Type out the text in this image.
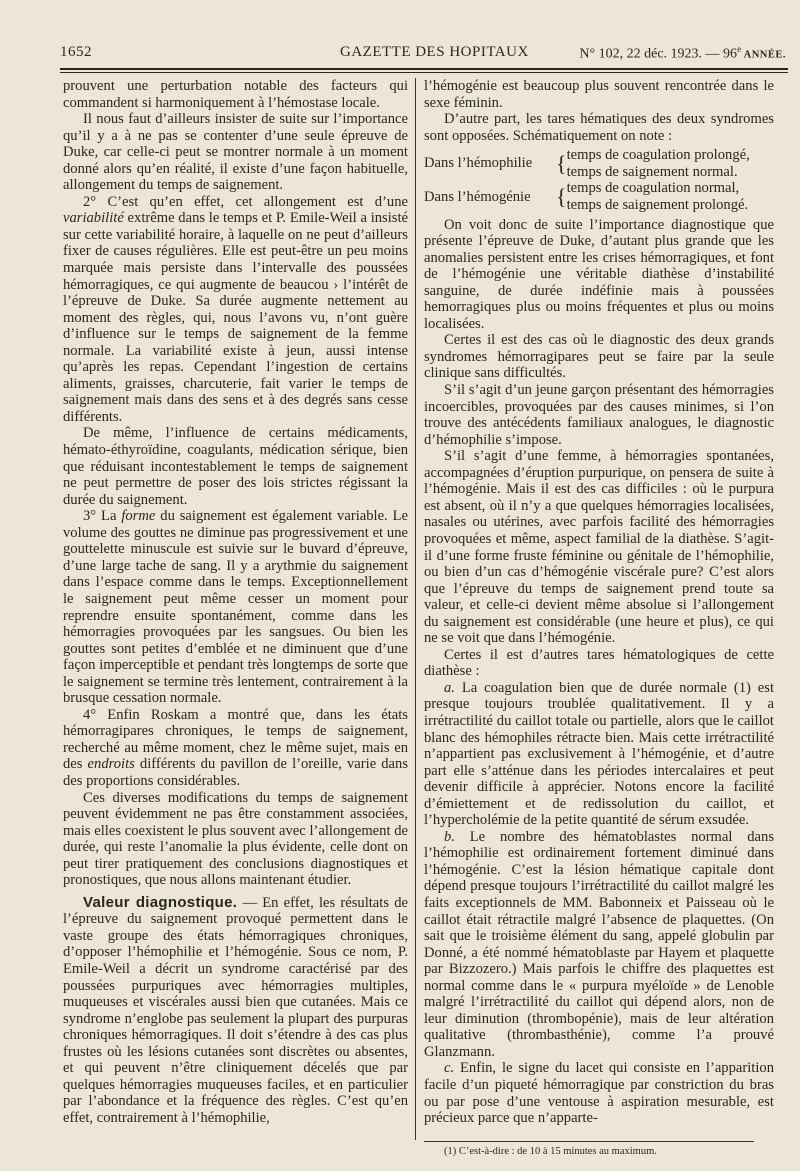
1652	GAZETTE DES HOPITAUX	N° 102, 22 déc. 1923. — 96e ANNÉE.

prouvent une perturbation notable des facteurs qui commandent si harmoniquement à l’hémostase locale.

Il nous faut d’ailleurs insister de suite sur l’importance qu’il y a à ne pas se contenter d’une seule épreuve de Duke, car celle-ci peut se montrer normale à un moment donné alors qu’en réalité, il existe d’une façon habituelle, allongement du temps de saignement.

2° C’est qu’en effet, cet allongement est d’une variabilité extrême dans le temps et P. Emile-Weil a insisté sur cette variabilité horaire, à laquelle on ne peut d’ailleurs fixer de causes régulières. Elle est peut-être un peu moins marquée mais persiste dans l’intervalle des poussées hémorragiques, ce qui augmente de beaucou › l’intérêt de l’épreuve de Duke. Sa durée augmente nettement au moment des règles, qui, nous l’avons vu, n’ont guère d’influence sur le temps de saignement de la femme normale. La variabilité existe à jeun, aussi intense qu’après les repas. Cependant l’ingestion de certains aliments, graisses, charcuterie, fait varier le temps de saignement mais dans des sens et à des degrés sans cesse différents.

De même, l’influence de certains médicaments, hémato-éthyroïdine, coagulants, médication sérique, bien que réduisant incontestablement le temps de saignement ne peut permettre de poser des lois strictes régissant la durée du saignement.

3° La forme du saignement est également variable. Le volume des gouttes ne diminue pas progressivement et une gouttelette minuscule est suivie sur le buvard d’épreuve, d’une large tache de sang. Il y a arythmie du saignement dans l’espace comme dans le temps. Exceptionnellement le saignement peut même cesser un moment pour reprendre ensuite spontanément, comme dans les hémorragies provoquées par les sangsues. Ou bien les gouttes sont petites d’emblée et ne diminuent que d’une façon imperceptible et pendant très longtemps de sorte que le saignement se termine très lentement, contrairement à la brusque cessation normale.

4° Enfin Roskam a montré que, dans les états hémorragipares chroniques, le temps de saignement, recherché au même moment, chez le même sujet, mais en des endroits différents du pavillon de l’oreille, varie dans des proportions considérables.

Ces diverses modifications du temps de saignement peuvent évidemment ne pas être constamment associées, mais elles coexistent le plus souvent avec l’allongement de durée, qui reste l’anomalie la plus évidente, celle dont on peut tirer pratiquement des conclusions diagnostiques et pronostiques, que nous allons maintenant étudier.

Valeur diagnostique. — En effet, les résultats de l’épreuve du saignement provoqué permettent dans le vaste groupe des états hémorragiques chroniques, d’opposer l’hémophilie et l’hémogénie. Sous ce nom, P. Emile-Weil a décrit un syndrome caractérisé par des poussées purpuriques avec hémorragies multiples, muqueuses et viscérales aussi bien que cutanées. Mais ce syndrome n’englobe pas seulement la plupart des purpuras chroniques hémorragiques. Il doit s’étendre à des cas plus frustes où les lésions cutanées sont discrètes ou absentes, et qui peuvent n’être cliniquement décelés que par quelques hémorragies muqueuses faciles, et en particulier par l’abondance et la fréquence des règles. C’est qu’en effet, contrairement à l’hémophilie,

l’hémogénie est beaucoup plus souvent rencontrée dans le sexe féminin.

D’autre part, les tares hématiques des deux syndromes sont opposées. Schématiquement on note :

Dans l’hémophilie	{	temps de coagulation prolongé,
		temps de saignement normal.
Dans l’hémogénie	{	temps de coagulation normal,
		temps de saignement prolongé.

On voit donc de suite l’importance diagnostique que présente l’épreuve de Duke, d’autant plus grande que les anomalies persistent entre les crises hémorragiques, et font de l’hémogénie une véritable diathèse d’instabilité sanguine, de durée indéfinie mais à poussées hemorragiques plus ou moins fréquentes et plus ou moins localisées.

Certes il est des cas où le diagnostic des deux grands syndromes hémorragipares peut se faire par la seule clinique sans difficultés.

S’il s’agit d’un jeune garçon présentant des hémorragies incoercibles, provoquées par des causes minimes, si l’on trouve des antécédents familiaux analogues, le diagnostic d’hémophilie s’impose.

S’il s’agit d’une femme, à hémorragies spontanées, accompagnées d’éruption purpurique, on pensera de suite à l’hémogénie. Mais il est des cas difficiles : où le purpura est absent, où il n’y a que quelques hémorragies localisées, nasales ou utérines, avec parfois facilité des hémorragies provoquées et même, aspect familial de la diathèse. S’agit-il d’une forme fruste féminine ou génitale de l’hémophilie, ou bien d’un cas d’hémogénie viscérale pure? C’est alors que l’épreuve du temps de saignement prend toute sa valeur, et celle-ci devient même absolue si l’allongement du saignement est considérable (une heure et plus), ce qui ne se voit que dans l’hémogénie.

Certes il est d’autres tares hématologiques de cette diathèse :

a. La coagulation bien que de durée normale (1) est presque toujours troublée qualitativement. Il y a irrétractilité du caillot totale ou partielle, alors que le caillot blanc des hémophiles rétracte bien. Mais cette irrétractilité n’appartient pas exclusivement à l’hémogénie, et d’autre part elle s’atténue dans les périodes intercalaires et peut devenir difficile à apprécier. Notons encore la facilité d’émiettement et de redissolution du caillot, et l’hypercholémie de la petite quantité de sérum exsudée.

b. Le nombre des hématoblastes normal dans l’hémophilie est ordinairement fortement diminué dans l’hémogénie. C’est la lésion hématique capitale dont dépend presque toujours l’irrétractilité du caillot malgré les faits exceptionnels de MM. Babonneix et Paisseau où le caillot était rétractile malgré l’absence de plaquettes. (On sait que le troisième élément du sang, appelé globulin par Donné, a été nommé hématoblaste par Hayem et plaquette par Bizzozero.) Mais parfois le chiffre des plaquettes est normal comme dans le « purpura myéloïde » de Lenoble malgré l’irrétractilité du caillot qui dépend alors, non de leur diminution (thrombopénie), mais de leur altération qualitative (thrombasthénie), comme l’a prouvé Glanzmann.

c. Enfin, le signe du lacet qui consiste en l’apparition facile d’un piqueté hémorragique par constriction du bras ou par pose d’une ventouse à aspiration mesurable, est précieux parce que n’apparte-

(1) C’est-à-dire : de 10 à 15 minutes au maximum.
